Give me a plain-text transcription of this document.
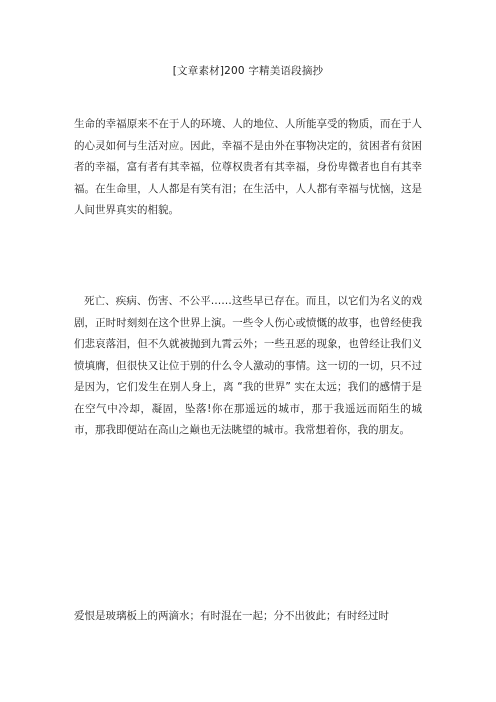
[文章素材]200 字精美语段摘抄

生命的幸福原来不在于人的环境、人的地位、人所能享受的物质，而在于人的心灵如何与生活对应。因此，幸福不是由外在事物决定的，贫困者有贫困者的幸福，富有者有其幸福，位尊权贵者有其幸福，身份卑微者也自有其幸福。在生命里，人人都是有笑有泪；在生活中，人人都有幸福与忧恼，这是人间世界真实的相貌。

死亡、疾病、伤害、不公平……这些早已存在。而且，以它们为名义的戏剧，正时时刻刻在这个世界上演。一些令人伤心或愤慨的故事，也曾经使我们悲哀落泪，但不久就被抛到九霄云外；一些丑恶的现象，也曾经让我们义愤填膺，但很快又让位于别的什么令人激动的事情。这一切的一切，只不过是因为，它们发生在别人身上，离 “我的世界” 实在太远；我们的感情于是在空气中冷却，凝固，坠落!你在那遥远的城市，那于我遥远而陌生的城市，那我即便站在高山之巅也无法眺望的城市。我常想着你，我的朋友。

爱恨是玻璃板上的两滴水；有时混在一起；分不出彼此；有时经过时
